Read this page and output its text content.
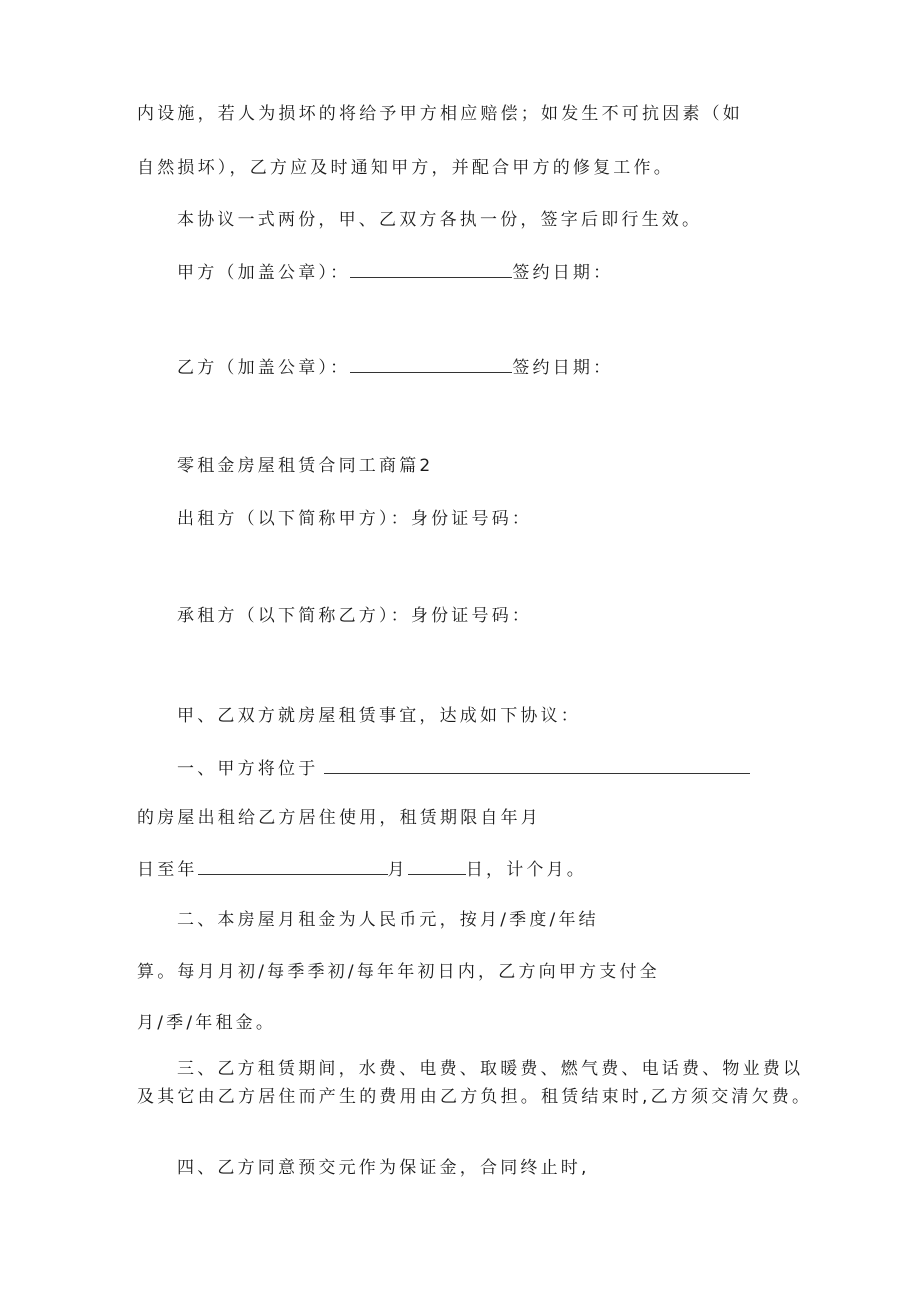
内设施，若人为损坏的将给予甲方相应赔偿；如发生不可抗因素（如
自然损坏），乙方应及时通知甲方，并配合甲方的修复工作。
本协议一式两份，甲、乙双方各执一份，签字后即行生效。
甲方（加盖公章）：	签约日期：
乙方（加盖公章）：	签约日期：
零租金房屋租赁合同工商篇2
出租方（以下简称甲方）：身份证号码：
承租方（以下简称乙方）：身份证号码：
甲、乙双方就房屋租赁事宜，达成如下协议：
一、甲方将位于
的房屋出租给乙方居住使用，租赁期限自年月
日至年	月	日，计个月。
二、本房屋月租金为人民币元，按月/季度/年结
算。每月月初/每季季初/每年年初日内，乙方向甲方支付全
月/季/年租金。
三、乙方租赁期间，水费、电费、取暖费、燃气费、电话费、物业费以
及其它由乙方居住而产生的费用由乙方负担。租赁结束时,乙方须交清欠费。
四、乙方同意预交元作为保证金，合同终止时,
